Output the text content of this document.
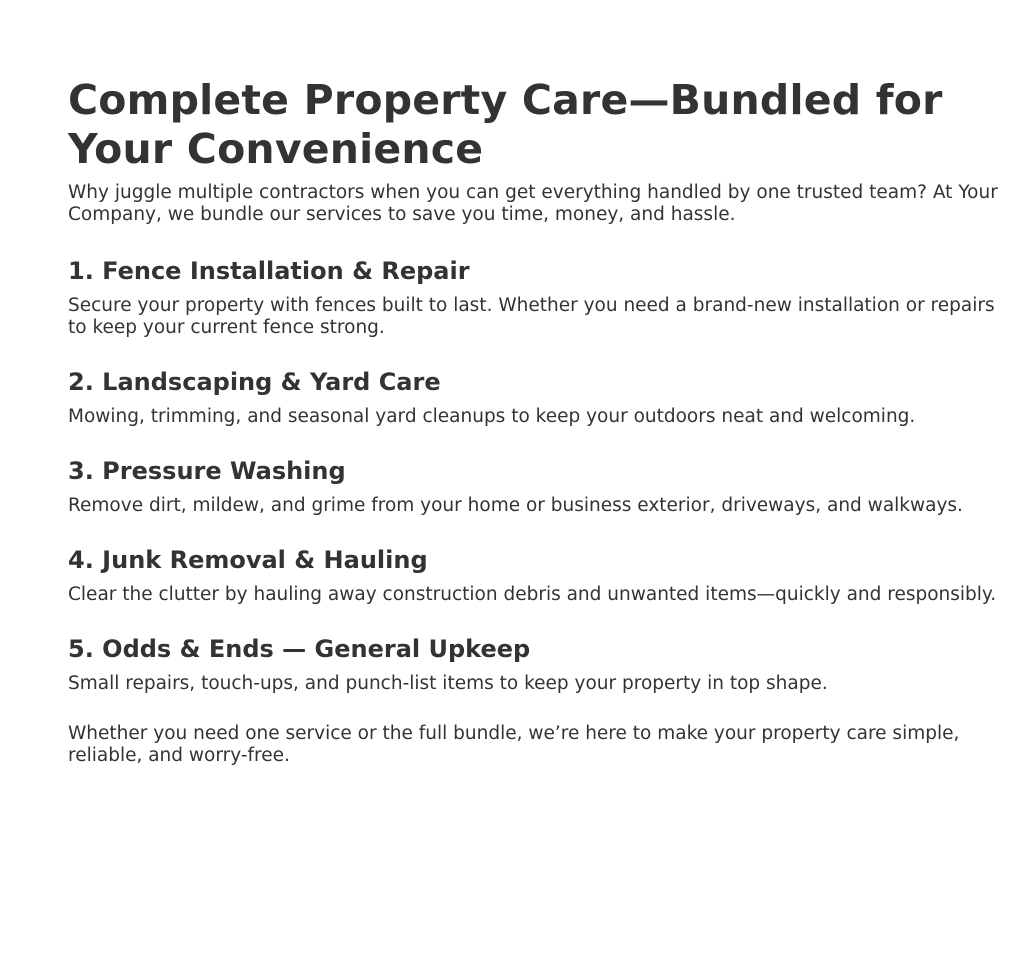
Complete Property Care—Bundled for Your Convenience

Why juggle multiple contractors when you can get everything handled by one trusted team? At Your Company, we bundle our services to save you time, money, and hassle.

1. Fence Installation & Repair

Secure your property with fences built to last. Whether you need a brand-new installation or repairs to keep your current fence strong.

2. Landscaping & Yard Care

Mowing, trimming, and seasonal yard cleanups to keep your outdoors neat and welcoming.

3. Pressure Washing

Remove dirt, mildew, and grime from your home or business exterior, driveways, and walkways.

4. Junk Removal & Hauling

Clear the clutter by hauling away construction debris and unwanted items—quickly and responsibly.

5. Odds & Ends — General Upkeep

Small repairs, touch-ups, and punch-list items to keep your property in top shape.

Whether you need one service or the full bundle, we’re here to make your property care simple, reliable, and worry-free.
